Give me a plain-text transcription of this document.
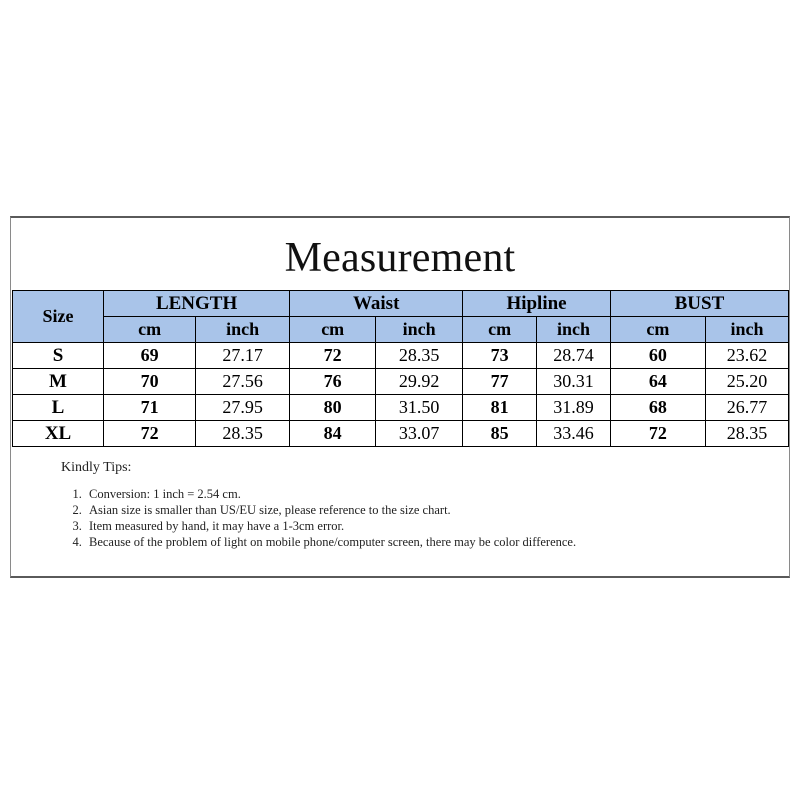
Measurement
Size	LENGTH		Waist		Hipline		BUST	
	cm	inch	cm	inch	cm	inch	cm	inch
S	69	27.17	72	28.35	73	28.74	60	23.62
M	70	27.56	76	29.92	77	30.31	64	25.20
L	71	27.95	80	31.50	81	31.89	68	26.77
XL	72	28.35	84	33.07	85	33.46	72	28.35
Kindly Tips:
1. Conversion: 1 inch = 2.54 cm.
2. Asian size is smaller than US/EU size, please reference to the size chart.
3. Item measured by hand, it may have a 1-3cm error.
4. Because of the problem of light on mobile phone/computer screen, there may be color difference.
